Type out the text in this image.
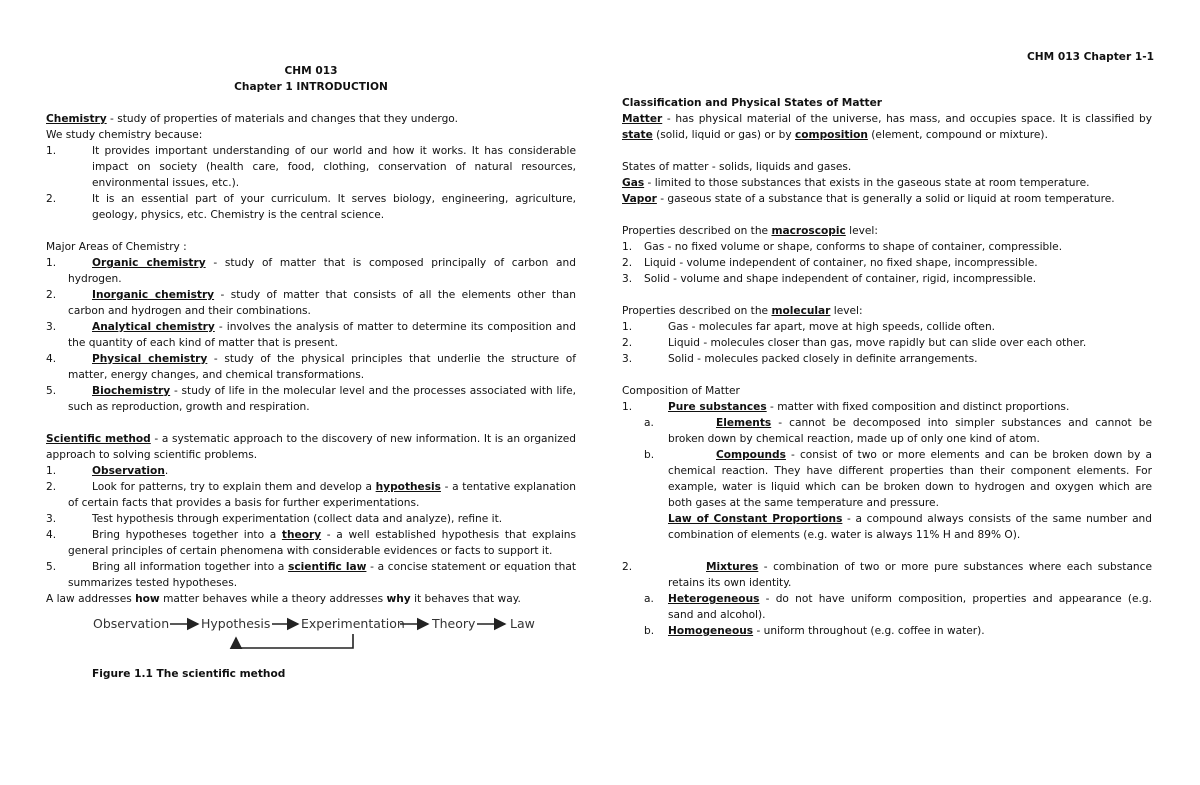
CHM 013 Chapter 1-1
CHM 013
Chapter 1 INTRODUCTION

Chemistry - study of properties of materials and changes that they undergo.

We study chemistry because:

1.	It provides important understanding of our world and how it works. It has considerable impact on society (health care, food, clothing, conservation of natural resources, environmental issues, etc.).
2.	It is an essential part of your curriculum. It serves biology, engineering, agriculture, geology, physics, etc. Chemistry is the central science.

Major Areas of Chemistry :

1.	Organic chemistry - study of matter that is composed principally of carbon and hydrogen.
2.	Inorganic chemistry - study of matter that consists of all the elements other than carbon and hydrogen and their combinations.
3.	Analytical chemistry - involves the analysis of matter to determine its composition and the quantity of each kind of matter that is present.
4.	Physical chemistry - study of the physical principles that underlie the structure of matter, energy changes, and chemical transformations.
5.	Biochemistry - study of life in the molecular level and the processes associated with life, such as reproduction, growth and respiration.

Scientific method - a systematic approach to the discovery of new information. It is an organized approach to solving scientific problems.

1.	Observation.
2.	Look for patterns, try to explain them and develop a hypothesis - a tentative explanation of certain facts that provides a basis for further experimentations.
3.	Test hypothesis through experimentation (collect data and analyze), refine it.
4.	Bring hypotheses together into a theory - a well established hypothesis that explains general principles of certain phenomena with considerable evidences or facts to support it.
5.	Bring all information together into a scientific law - a concise statement or equation that summarizes tested hypotheses.

A law addresses how matter behaves while a theory addresses why it behaves that way.

Observation	Hypothesis Experimentation Theory	Law
Figure 1.1 The scientific method
Classification and Physical States of Matter

Matter - has physical material of the universe, has mass, and occupies space. It is classified by state (solid, liquid or gas) or by composition (element, compound or mixture).

States of matter - solids, liquids and gases.

Gas - limited to those substances that exists in the gaseous state at room temperature.

Vapor - gaseous state of a substance that is generally a solid or liquid at room temperature.

Properties described on the macroscopic level:

1.	Gas - no fixed volume or shape, conforms to shape of container, compressible.
2.	Liquid - volume independent of container, no fixed shape, incompressible.
3.	Solid - volume and shape independent of container, rigid, incompressible.

Properties described on the molecular level:

1.	Gas - molecules far apart, move at high speeds, collide often.
2.	Liquid - molecules closer than gas, move rapidly but can slide over each other.
3.	Solid - molecules packed closely in definite arrangements.

Composition of Matter

1.	Pure substances - matter with fixed composition and distinct proportions.
a.	Elements - cannot be decomposed into simpler substances and cannot be broken down by chemical reaction, made up of only one kind of atom.
b.	Compounds - consist of two or more elements and can be broken down by a chemical reaction. They have different properties than their component elements. For example, water is liquid which can be broken down to hydrogen and oxygen which are both gases at the same temperature and pressure.
Law of Constant Proportions - a compound always consists of the same number and combination of elements (e.g. water is always 11% H and 89% O).
2.	Mixtures - combination of two or more pure substances where each substance retains its own identity.
a.	Heterogeneous - do not have uniform composition, properties and appearance (e.g. sand and alcohol).
b.	Homogeneous - uniform throughout (e.g. coffee in water).
